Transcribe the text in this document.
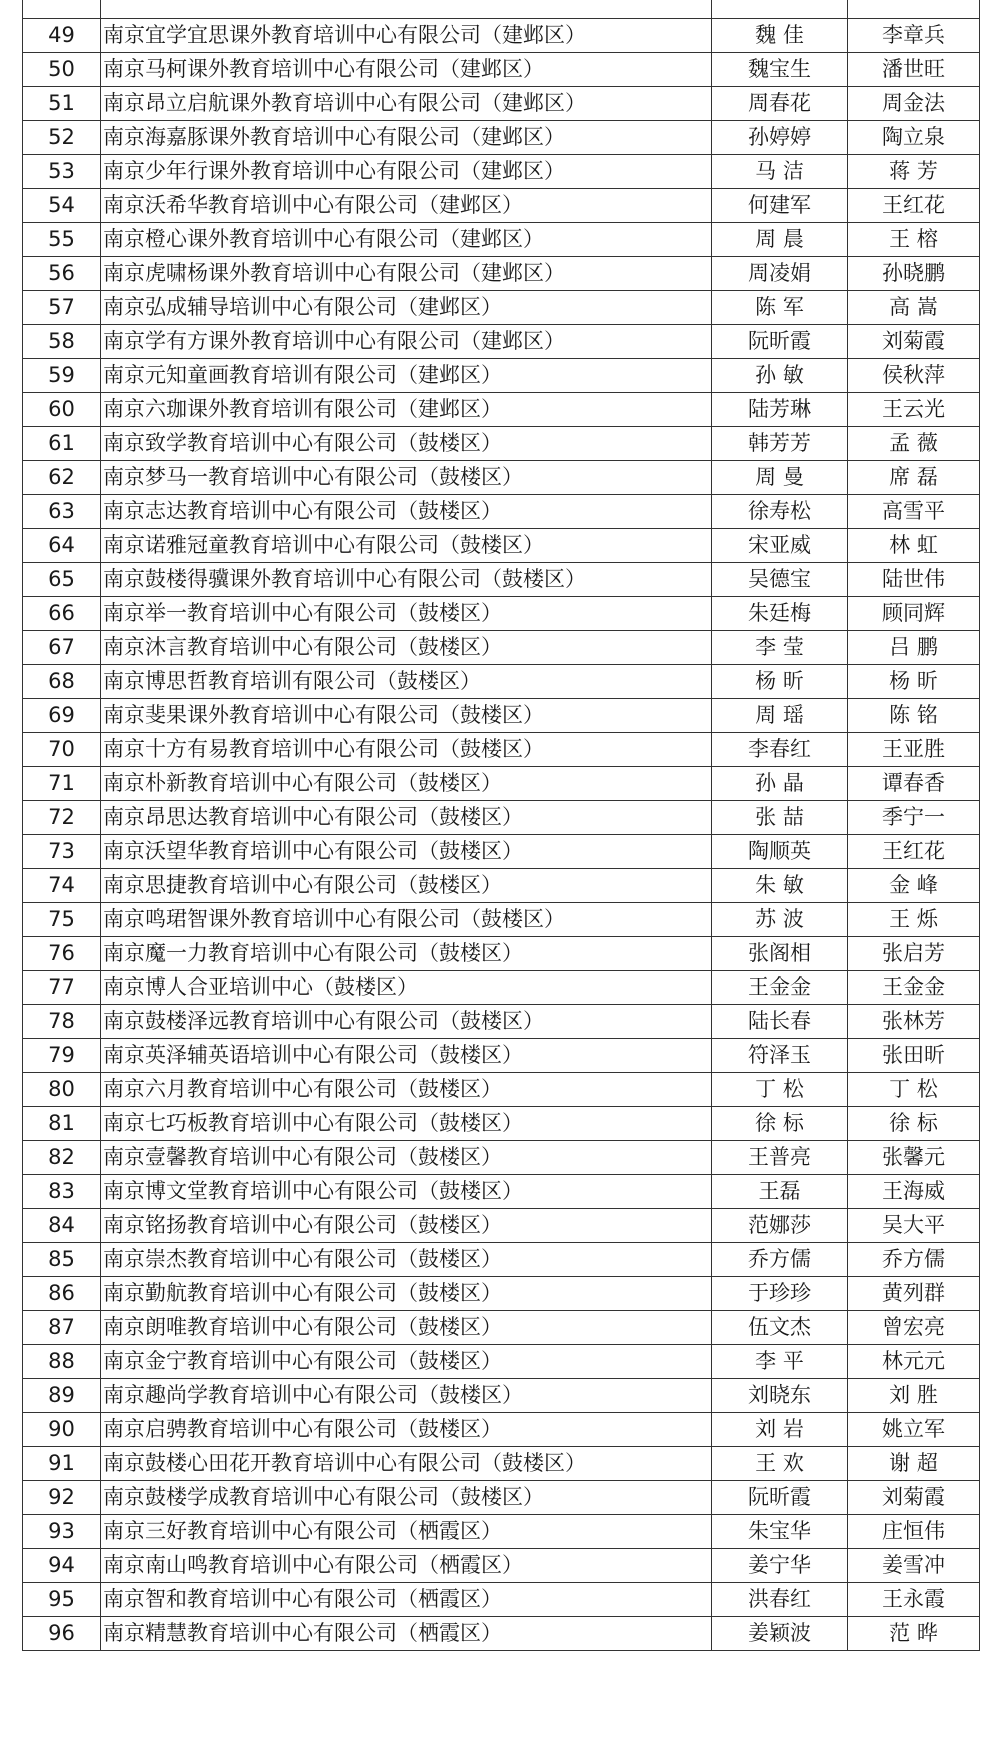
49	南京宜学宜思课外教育培训中心有限公司（建邺区）	魏 佳	李章兵
50	南京马柯课外教育培训中心有限公司（建邺区）	魏宝生	潘世旺
51	南京昂立启航课外教育培训中心有限公司（建邺区）	周春花	周金法
52	南京海嘉豚课外教育培训中心有限公司（建邺区）	孙婷婷	陶立泉
53	南京少年行课外教育培训中心有限公司（建邺区）	马 洁	蒋 芳
54	南京沃希华教育培训中心有限公司（建邺区）	何建军	王红花
55	南京橙心课外教育培训中心有限公司（建邺区）	周 晨	王 榕
56	南京虎啸杨课外教育培训中心有限公司（建邺区）	周凌娟	孙晓鹏
57	南京弘成辅导培训中心有限公司（建邺区）	陈 军	高 嵩
58	南京学有方课外教育培训中心有限公司（建邺区）	阮昕霞	刘菊霞
59	南京元知童画教育培训有限公司（建邺区）	孙 敏	侯秋萍
60	南京六珈课外教育培训有限公司（建邺区）	陆芳琳	王云光
61	南京致学教育培训中心有限公司（鼓楼区）	韩芳芳	孟 薇
62	南京梦马一教育培训中心有限公司（鼓楼区）	周 曼	席 磊
63	南京志达教育培训中心有限公司（鼓楼区）	徐寿松	高雪平
64	南京诺雅冠童教育培训中心有限公司（鼓楼区）	宋亚威	林 虹
65	南京鼓楼得骥课外教育培训中心有限公司（鼓楼区）	吴德宝	陆世伟
66	南京举一教育培训中心有限公司（鼓楼区）	朱廷梅	顾同辉
67	南京沐言教育培训中心有限公司（鼓楼区）	李 莹	吕 鹏
68	南京博思哲教育培训有限公司（鼓楼区）	杨 昕	杨 昕
69	南京斐果课外教育培训中心有限公司（鼓楼区）	周 瑶	陈 铭
70	南京十方有易教育培训中心有限公司（鼓楼区）	李春红	王亚胜
71	南京朴新教育培训中心有限公司（鼓楼区）	孙 晶	谭春香
72	南京昂思达教育培训中心有限公司（鼓楼区）	张 喆	季宁一
73	南京沃望华教育培训中心有限公司（鼓楼区）	陶顺英	王红花
74	南京思捷教育培训中心有限公司（鼓楼区）	朱 敏	金 峰
75	南京鸣珺智课外教育培训中心有限公司（鼓楼区）	苏 波	王 烁
76	南京魔一力教育培训中心有限公司（鼓楼区）	张阁相	张启芳
77	南京博人合亚培训中心（鼓楼区）	王金金	王金金
78	南京鼓楼泽远教育培训中心有限公司（鼓楼区）	陆长春	张林芳
79	南京英泽辅英语培训中心有限公司（鼓楼区）	符泽玉	张田昕
80	南京六月教育培训中心有限公司（鼓楼区）	丁 松	丁 松
81	南京七巧板教育培训中心有限公司（鼓楼区）	徐 标	徐 标
82	南京壹馨教育培训中心有限公司（鼓楼区）	王普亮	张馨元
83	南京博文堂教育培训中心有限公司（鼓楼区）	王磊	王海威
84	南京铭扬教育培训中心有限公司（鼓楼区）	范娜莎	吴大平
85	南京崇杰教育培训中心有限公司（鼓楼区）	乔方儒	乔方儒
86	南京勤航教育培训中心有限公司（鼓楼区）	于珍珍	黄列群
87	南京朗唯教育培训中心有限公司（鼓楼区）	伍文杰	曾宏亮
88	南京金宁教育培训中心有限公司（鼓楼区）	李 平	林元元
89	南京趣尚学教育培训中心有限公司（鼓楼区）	刘晓东	刘 胜
90	南京启骋教育培训中心有限公司（鼓楼区）	刘 岩	姚立军
91	南京鼓楼心田花开教育培训中心有限公司（鼓楼区）	王 欢	谢 超
92	南京鼓楼学成教育培训中心有限公司（鼓楼区）	阮昕霞	刘菊霞
93	南京三好教育培训中心有限公司（栖霞区）	朱宝华	庄恒伟
94	南京南山鸣教育培训中心有限公司（栖霞区）	姜宁华	姜雪冲
95	南京智和教育培训中心有限公司（栖霞区）	洪春红	王永霞
96	南京精慧教育培训中心有限公司（栖霞区）	姜颖波	范 晔
